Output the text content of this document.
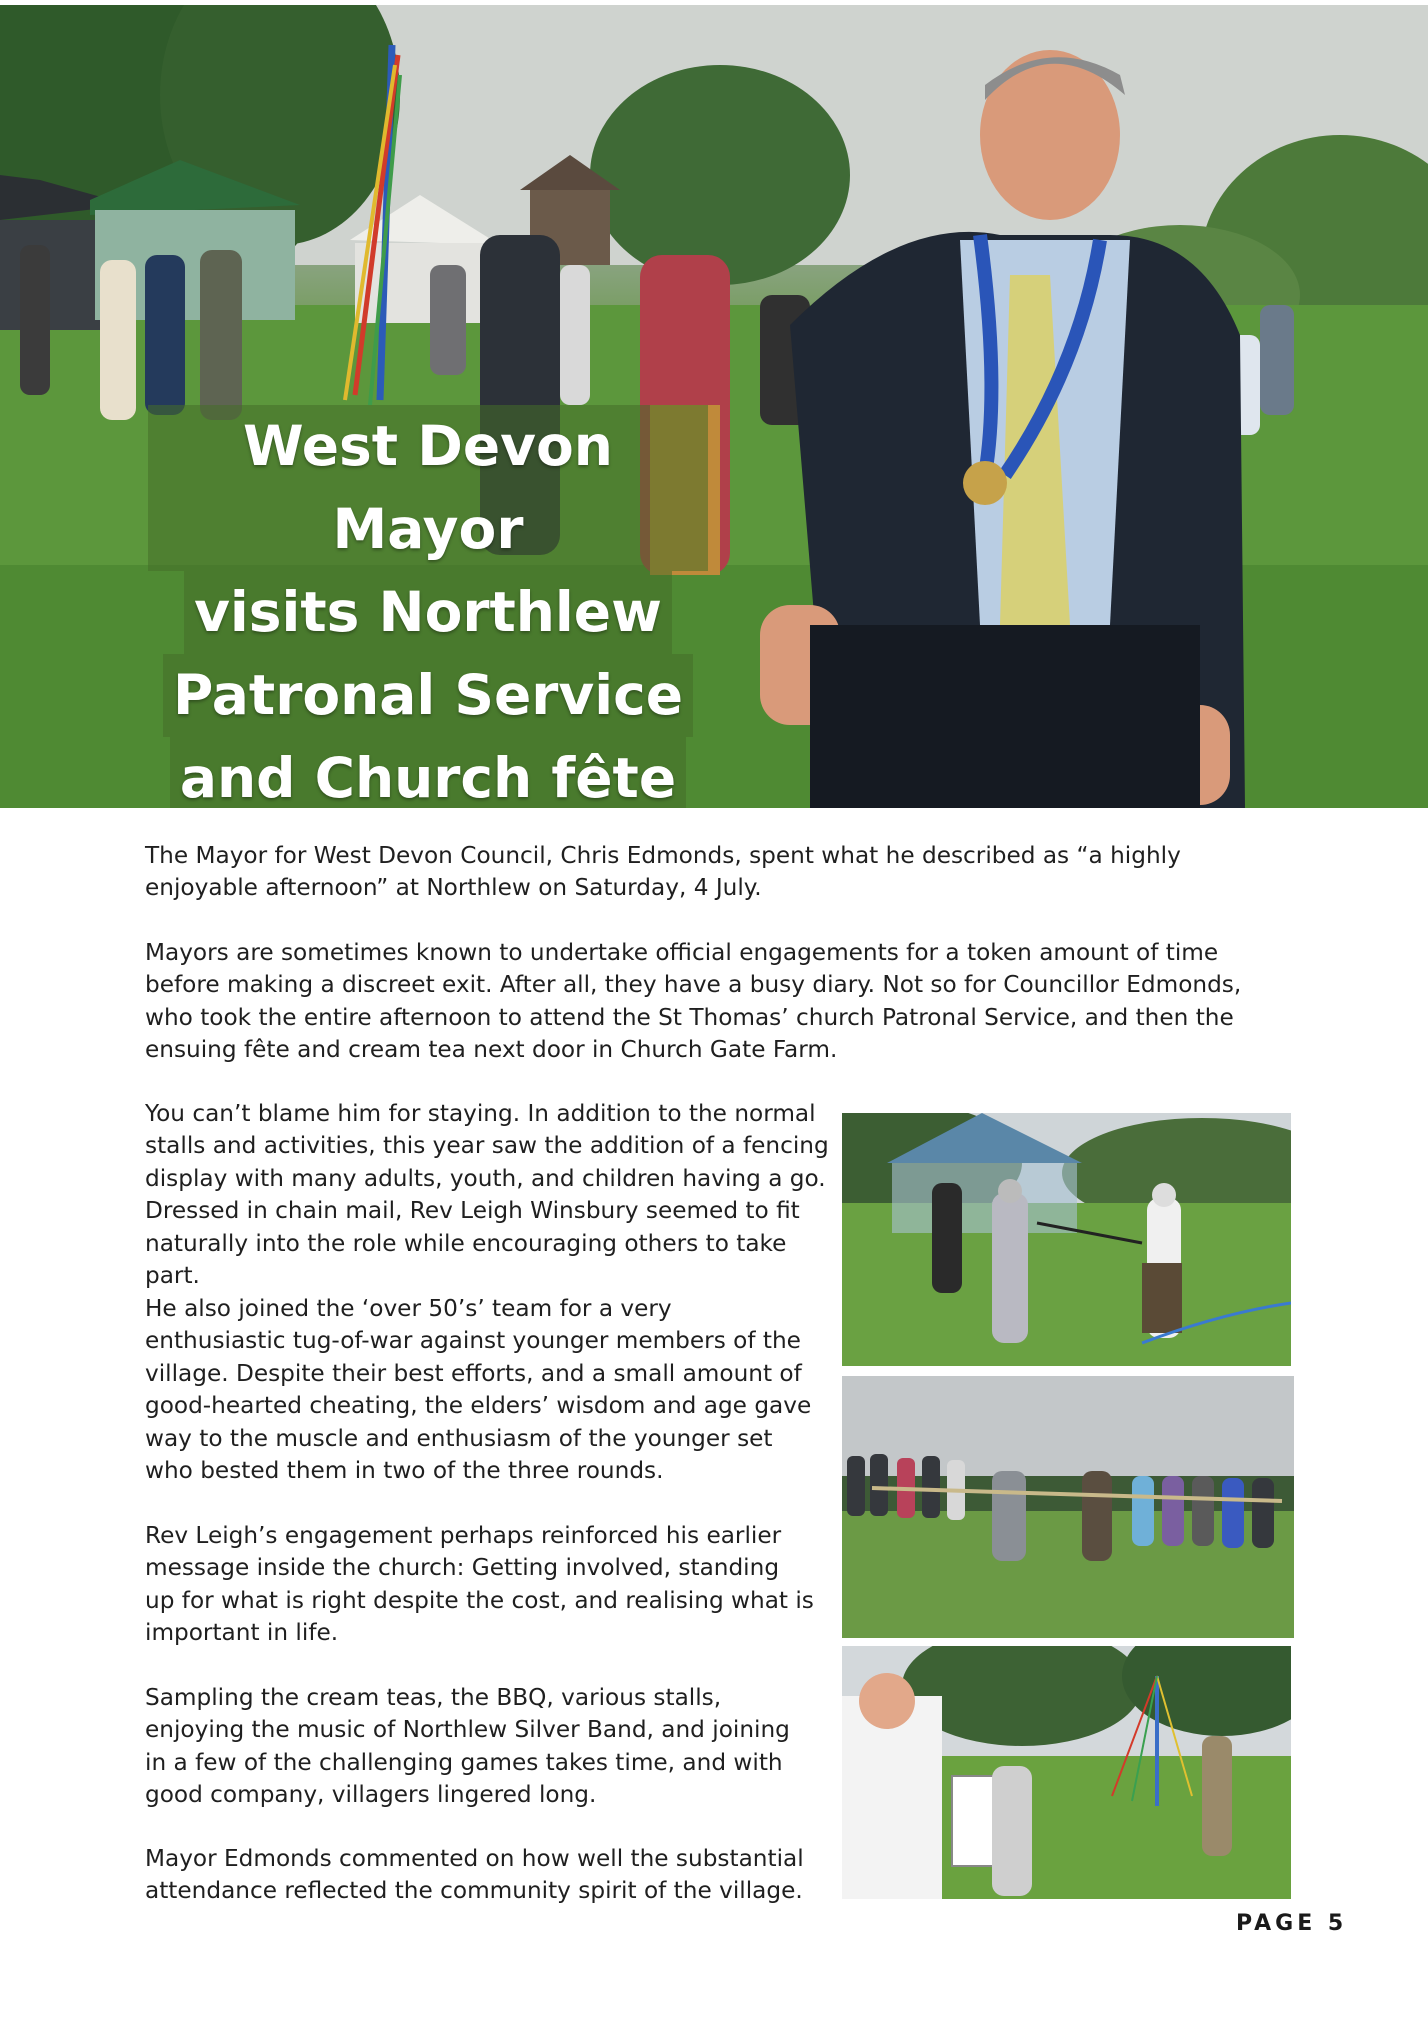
West Devon Mayor
visits Northlew
Patronal Service
and Church fête

The Mayor for West Devon Council, Chris Edmonds, spent what he described as “a highly enjoyable afternoon” at Northlew on Saturday, 4 July.

Mayors are sometimes known to undertake official engagements for a token amount of time before making a discreet exit. After all, they have a busy diary. Not so for Councillor Edmonds, who took the entire afternoon to attend the St Thomas’ church Patronal Service, and then the ensuing fête and cream tea next door in Church Gate Farm.

You can’t blame him for staying. In addition to the normal stalls and activities, this year saw the addition of a fencing display with many adults, youth, and children having a go. Dressed in chain mail, Rev Leigh Winsbury seemed to fit naturally into the role while encouraging others to take part.

He also joined the ‘over 50’s’ team for a very enthusiastic tug-of-war against younger members of the village. Despite their best efforts, and a small amount of good-hearted cheating, the elders’ wisdom and age gave way to the muscle and enthusiasm of the younger set who bested them in two of the three rounds.

Rev Leigh’s engagement perhaps reinforced his earlier message inside the church: Getting involved, standing up for what is right despite the cost, and realising what is important in life.

Sampling the cream teas, the BBQ, various stalls, enjoying the music of Northlew Silver Band, and joining in a few of the challenging games takes time, and with good company, villagers lingered long.

Mayor Edmonds commented on how well the substantial attendance reflected the community spirit of the village.

PAGE 5
